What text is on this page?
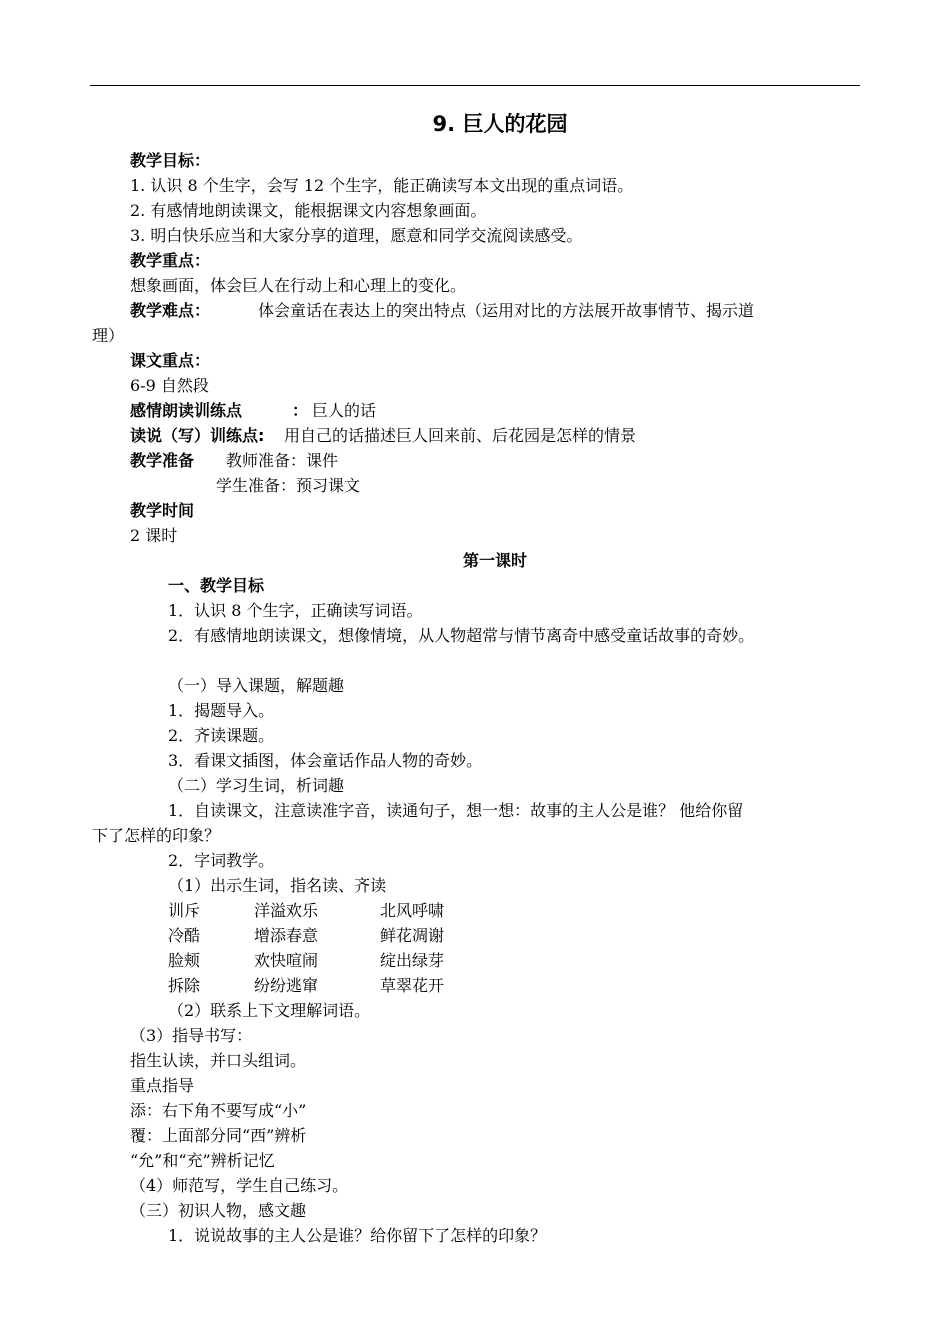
9. 巨人的花园
教学目标：
1. 认识 8 个生字，会写 12 个生字，能正确读写本文出现的重点词语。
2. 有感情地朗读课文，能根据课文内容想象画面。
3. 明白快乐应当和大家分享的道理，愿意和同学交流阅读感受。
教学重点：
想象画面，体会巨人在行动上和心理上的变化。
教学难点：	体会童话在表达上的突出特点（运用对比的方法展开故事情节、揭示道
理）
课文重点：
6-9 自然段
感情朗读训练点	： 巨人的话
读说（写）训练点: 用自己的话描述巨人回来前、后花园是怎样的情景
教学准备 教师准备：课件
学生准备：预习课文
教学时间
2 课时
第一课时
一、教学目标
1．认识 8 个生字，正确读写词语。
2．有感情地朗读课文，想像情境，从人物超常与情节离奇中感受童话故事的奇妙。
（一）导入课题，解题趣
1．揭题导入。
2．齐读课题。
3．看课文插图，体会童话作品人物的奇妙。
（二）学习生词，析词趣
1．自读课文，注意读准字音，读通句子，想一想：故事的主人公是谁？ 他给你留
下了怎样的印象？
2．字词教学。
（1）出示生词，指名读、齐读
训斥	洋溢欢乐	北风呼啸
冷酷	增添春意	鲜花凋谢
脸颊	欢快喧闹	绽出绿芽
拆除	纷纷逃窜	草翠花开
（2）联系上下文理解词语。
（3）指导书写：
指生认读，并口头组词。
重点指导
添：右下角不要写成“小”
覆：上面部分同“西”辨析
“允”和“充”辨析记忆
（4）师范写，学生自己练习。
（三）初识人物，感文趣
1．说说故事的主人公是谁？给你留下了怎样的印象？
